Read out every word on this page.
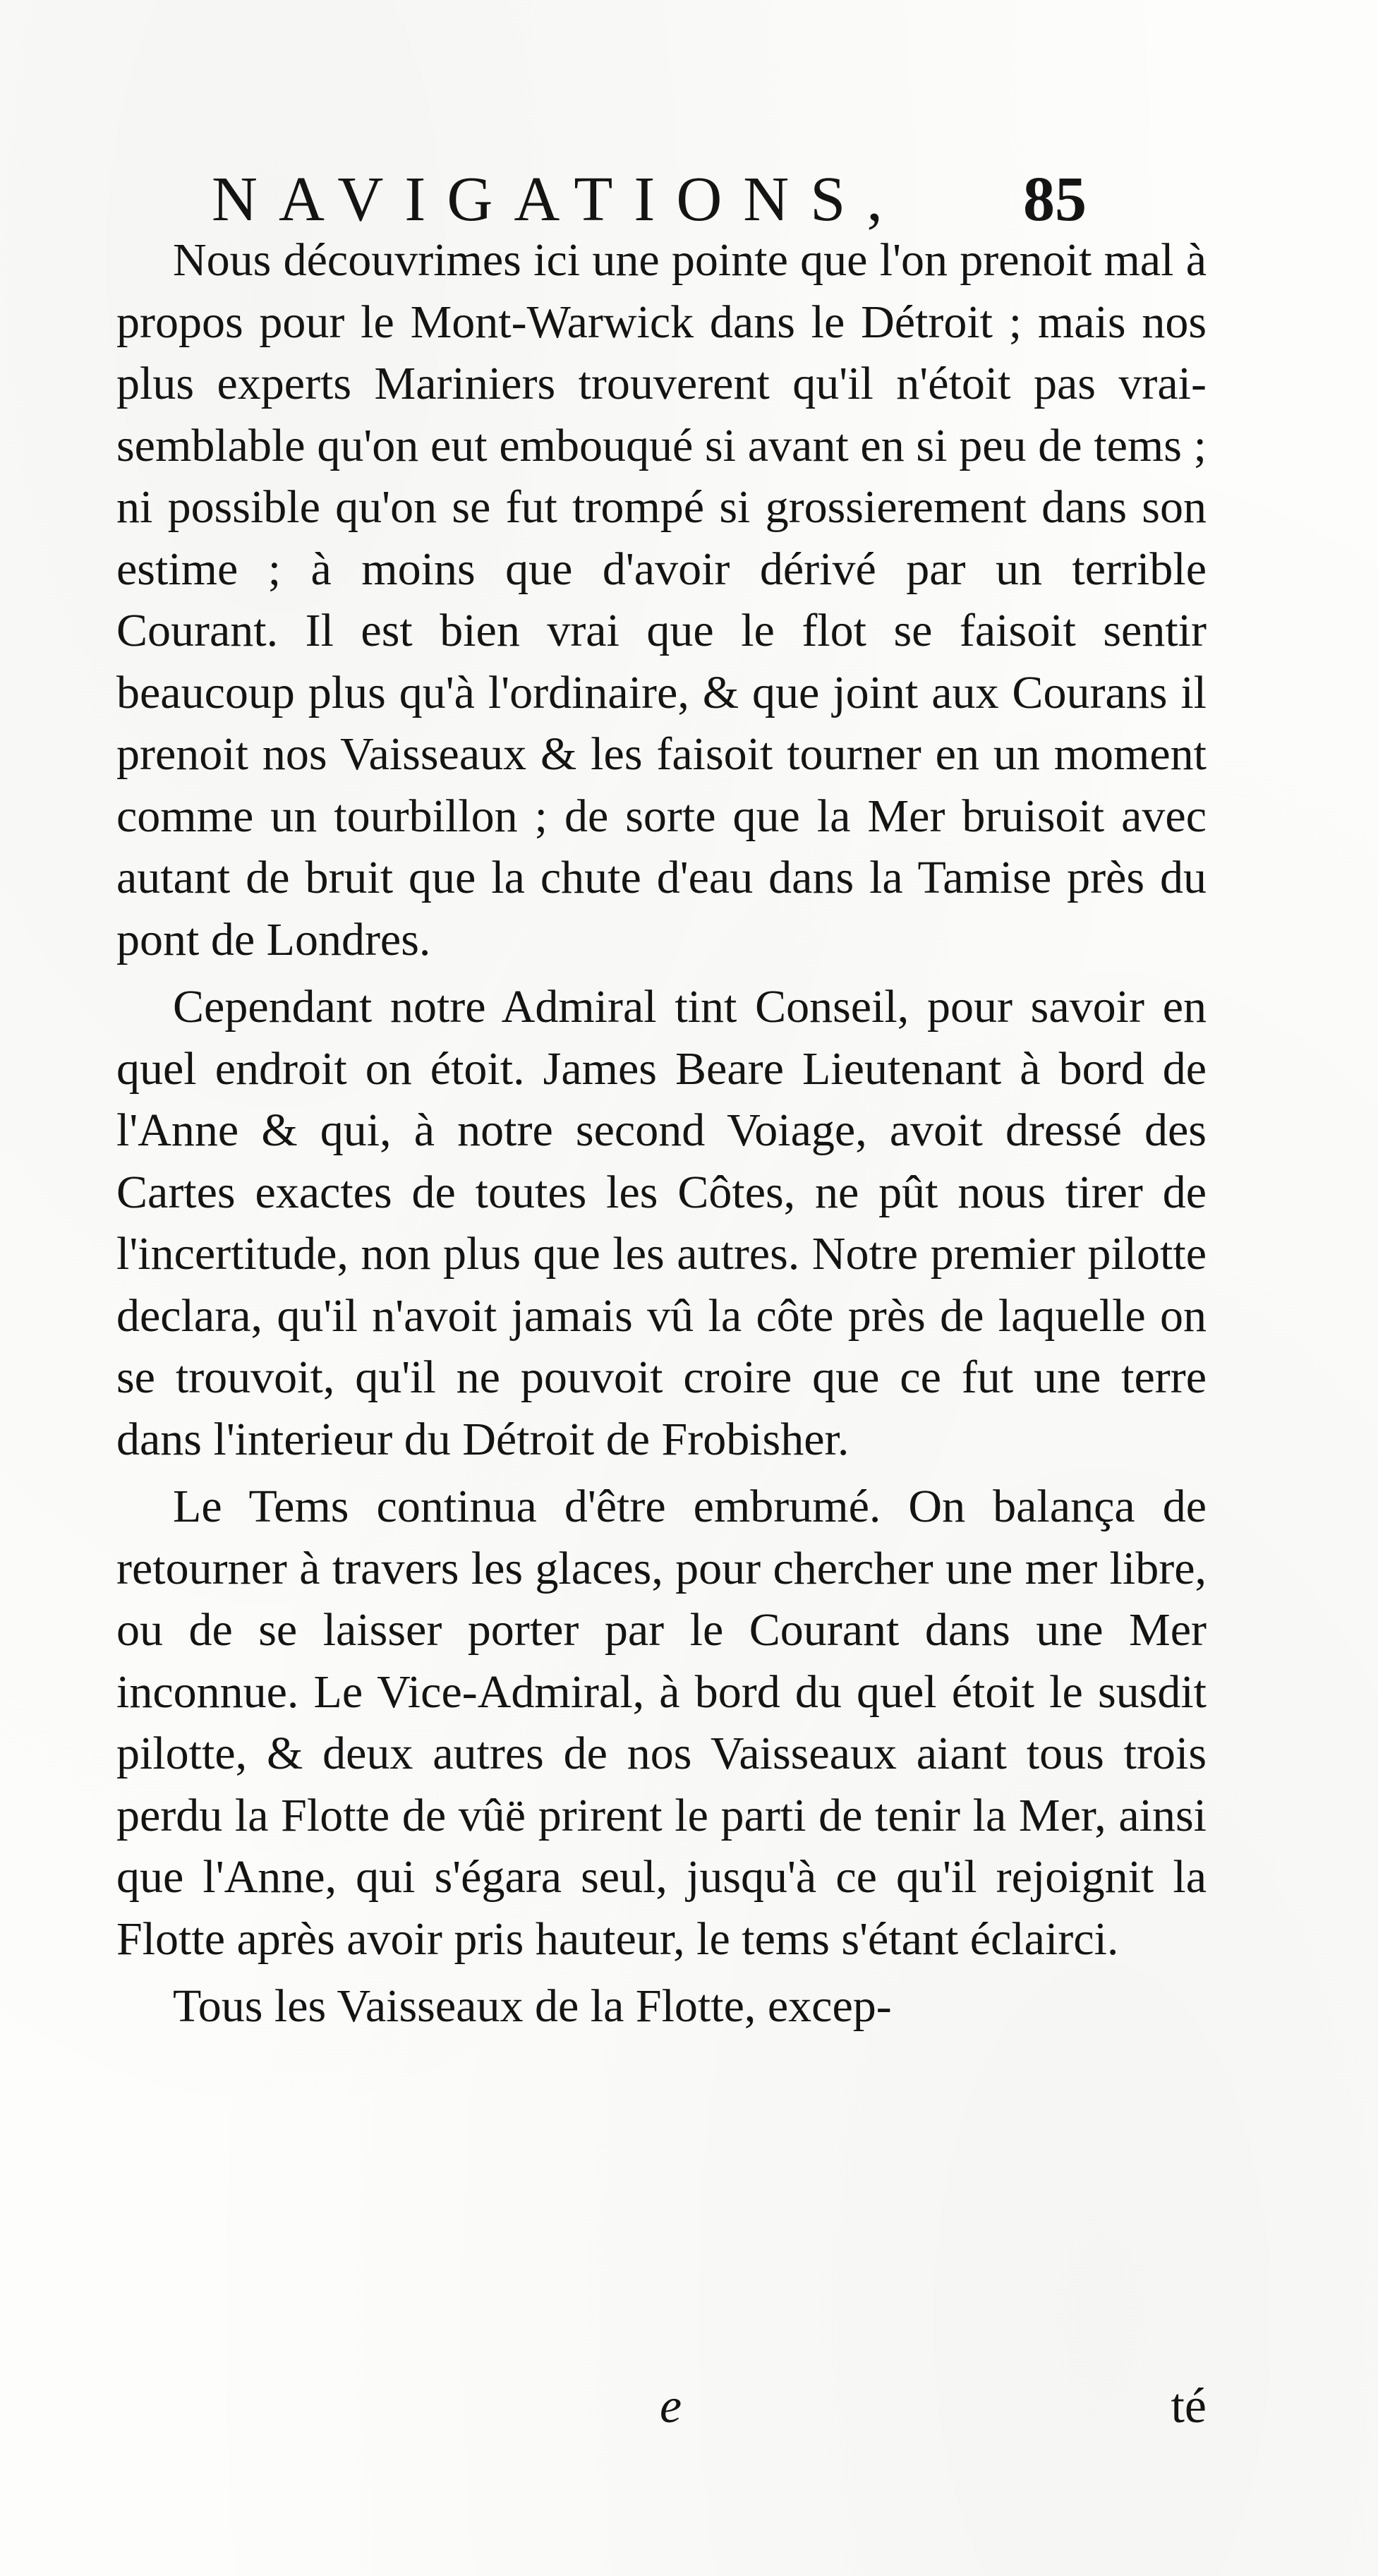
NAVIGATIONS, 85

Nous découvrimes ici une pointe que l'on prenoit mal à propos pour le Mont-Warwick dans le Détroit ; mais nos plus experts Mariniers trouverent qu'il n'étoit pas vrai-semblable qu'on eut embouqué si avant en si peu de tems ; ni possible qu'on se fut trompé si grossierement dans son estime ; à moins que d'avoir dérivé par un terrible Courant. Il est bien vrai que le flot se faisoit sentir beaucoup plus qu'à l'ordinaire, & que joint aux Courans il prenoit nos Vaisseaux & les faisoit tourner en un moment comme un tourbillon ; de sorte que la Mer bruisoit avec autant de bruit que la chute d'eau dans la Tamise près du pont de Londres.

Cependant notre Admiral tint Conseil, pour savoir en quel endroit on étoit. James Beare Lieutenant à bord de l'Anne & qui, à notre second Voiage, avoit dressé des Cartes exactes de toutes les Côtes, ne pût nous tirer de l'incertitude, non plus que les autres. Notre premier pilotte declara, qu'il n'avoit jamais vû la côte près de laquelle on se trouvoit, qu'il ne pouvoit croire que ce fut une terre dans l'interieur du Détroit de Frobisher.

Le Tems continua d'être embrumé. On balança de retourner à travers les glaces, pour chercher une mer libre, ou de se laisser porter par le Courant dans une Mer inconnue. Le Vice-Admiral, à bord du quel étoit le susdit pilotte, & deux autres de nos Vaisseaux aiant tous trois perdu la Flotte de vûë prirent le parti de tenir la Mer, ainsi que l'Anne, qui s'égara seul, jusqu'à ce qu'il rejoignit la Flotte après avoir pris hauteur, le tems s'étant éclairci.

Tous les Vaisseaux de la Flotte, excep-

e	té
